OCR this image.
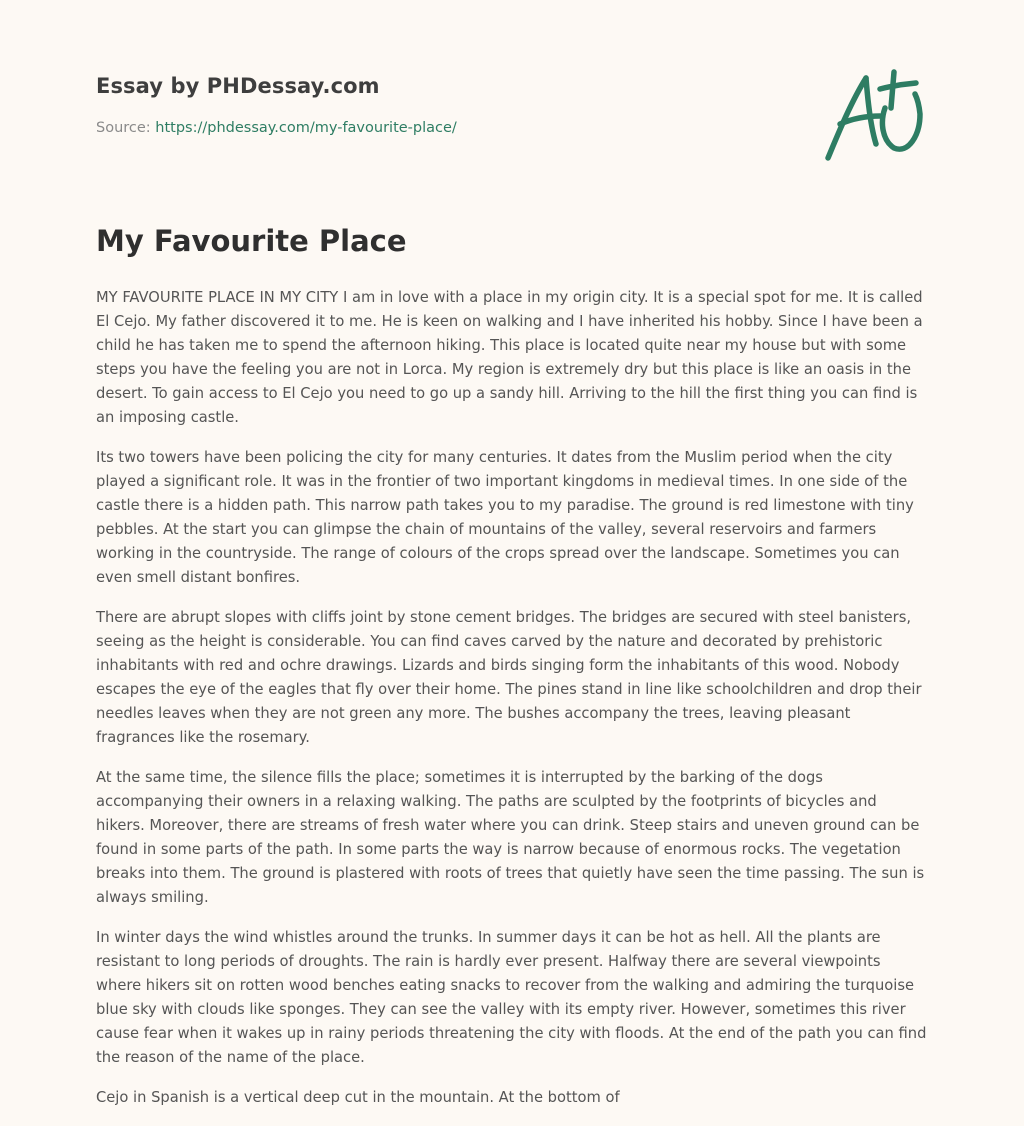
Essay by PHDessay.com
Source: https://phdessay.com/my-favourite-place/
My Favourite Place

MY FAVOURITE PLACE IN MY CITY I am in love with a place in my origin city. It is a special spot for me. It is called El Cejo. My father discovered it to me. He is keen on walking and I have inherited his hobby. Since I have been a child he has taken me to spend the afternoon hiking. This place is located quite near my house but with some steps you have the feeling you are not in Lorca. My region is extremely dry but this place is like an oasis in the desert. To gain access to El Cejo you need to go up a sandy hill. Arriving to the hill the first thing you can find is an imposing castle.

Its two towers have been policing the city for many centuries. It dates from the Muslim period when the city played a significant role. It was in the frontier of two important kingdoms in medieval times. In one side of the castle there is a hidden path. This narrow path takes you to my paradise. The ground is red limestone with tiny pebbles. At the start you can glimpse the chain of mountains of the valley, several reservoirs and farmers working in the countryside. The range of colours of the crops spread over the landscape. Sometimes you can even smell distant bonfires.

There are abrupt slopes with cliffs joint by stone cement bridges. The bridges are secured with steel banisters, seeing as the height is considerable. You can find caves carved by the nature and decorated by prehistoric inhabitants with red and ochre drawings. Lizards and birds singing form the inhabitants of this wood. Nobody escapes the eye of the eagles that fly over their home. The pines stand in line like schoolchildren and drop their needles leaves when they are not green any more. The bushes accompany the trees, leaving pleasant fragrances like the rosemary.

At the same time, the silence fills the place; sometimes it is interrupted by the barking of the dogs accompanying their owners in a relaxing walking. The paths are sculpted by the footprints of bicycles and hikers. Moreover, there are streams of fresh water where you can drink. Steep stairs and uneven ground can be found in some parts of the path. In some parts the way is narrow because of enormous rocks. The vegetation breaks into them. The ground is plastered with roots of trees that quietly have seen the time passing. The sun is always smiling.

In winter days the wind whistles around the trunks. In summer days it can be hot as hell. All the plants are resistant to long periods of droughts. The rain is hardly ever present. Halfway there are several viewpoints where hikers sit on rotten wood benches eating snacks to recover from the walking and admiring the turquoise blue sky with clouds like sponges. They can see the valley with its empty river. However, sometimes this river cause fear when it wakes up in rainy periods threatening the city with floods. At the end of the path you can find the reason of the name of the place.

Cejo in Spanish is a vertical deep cut in the mountain. At the bottom of
